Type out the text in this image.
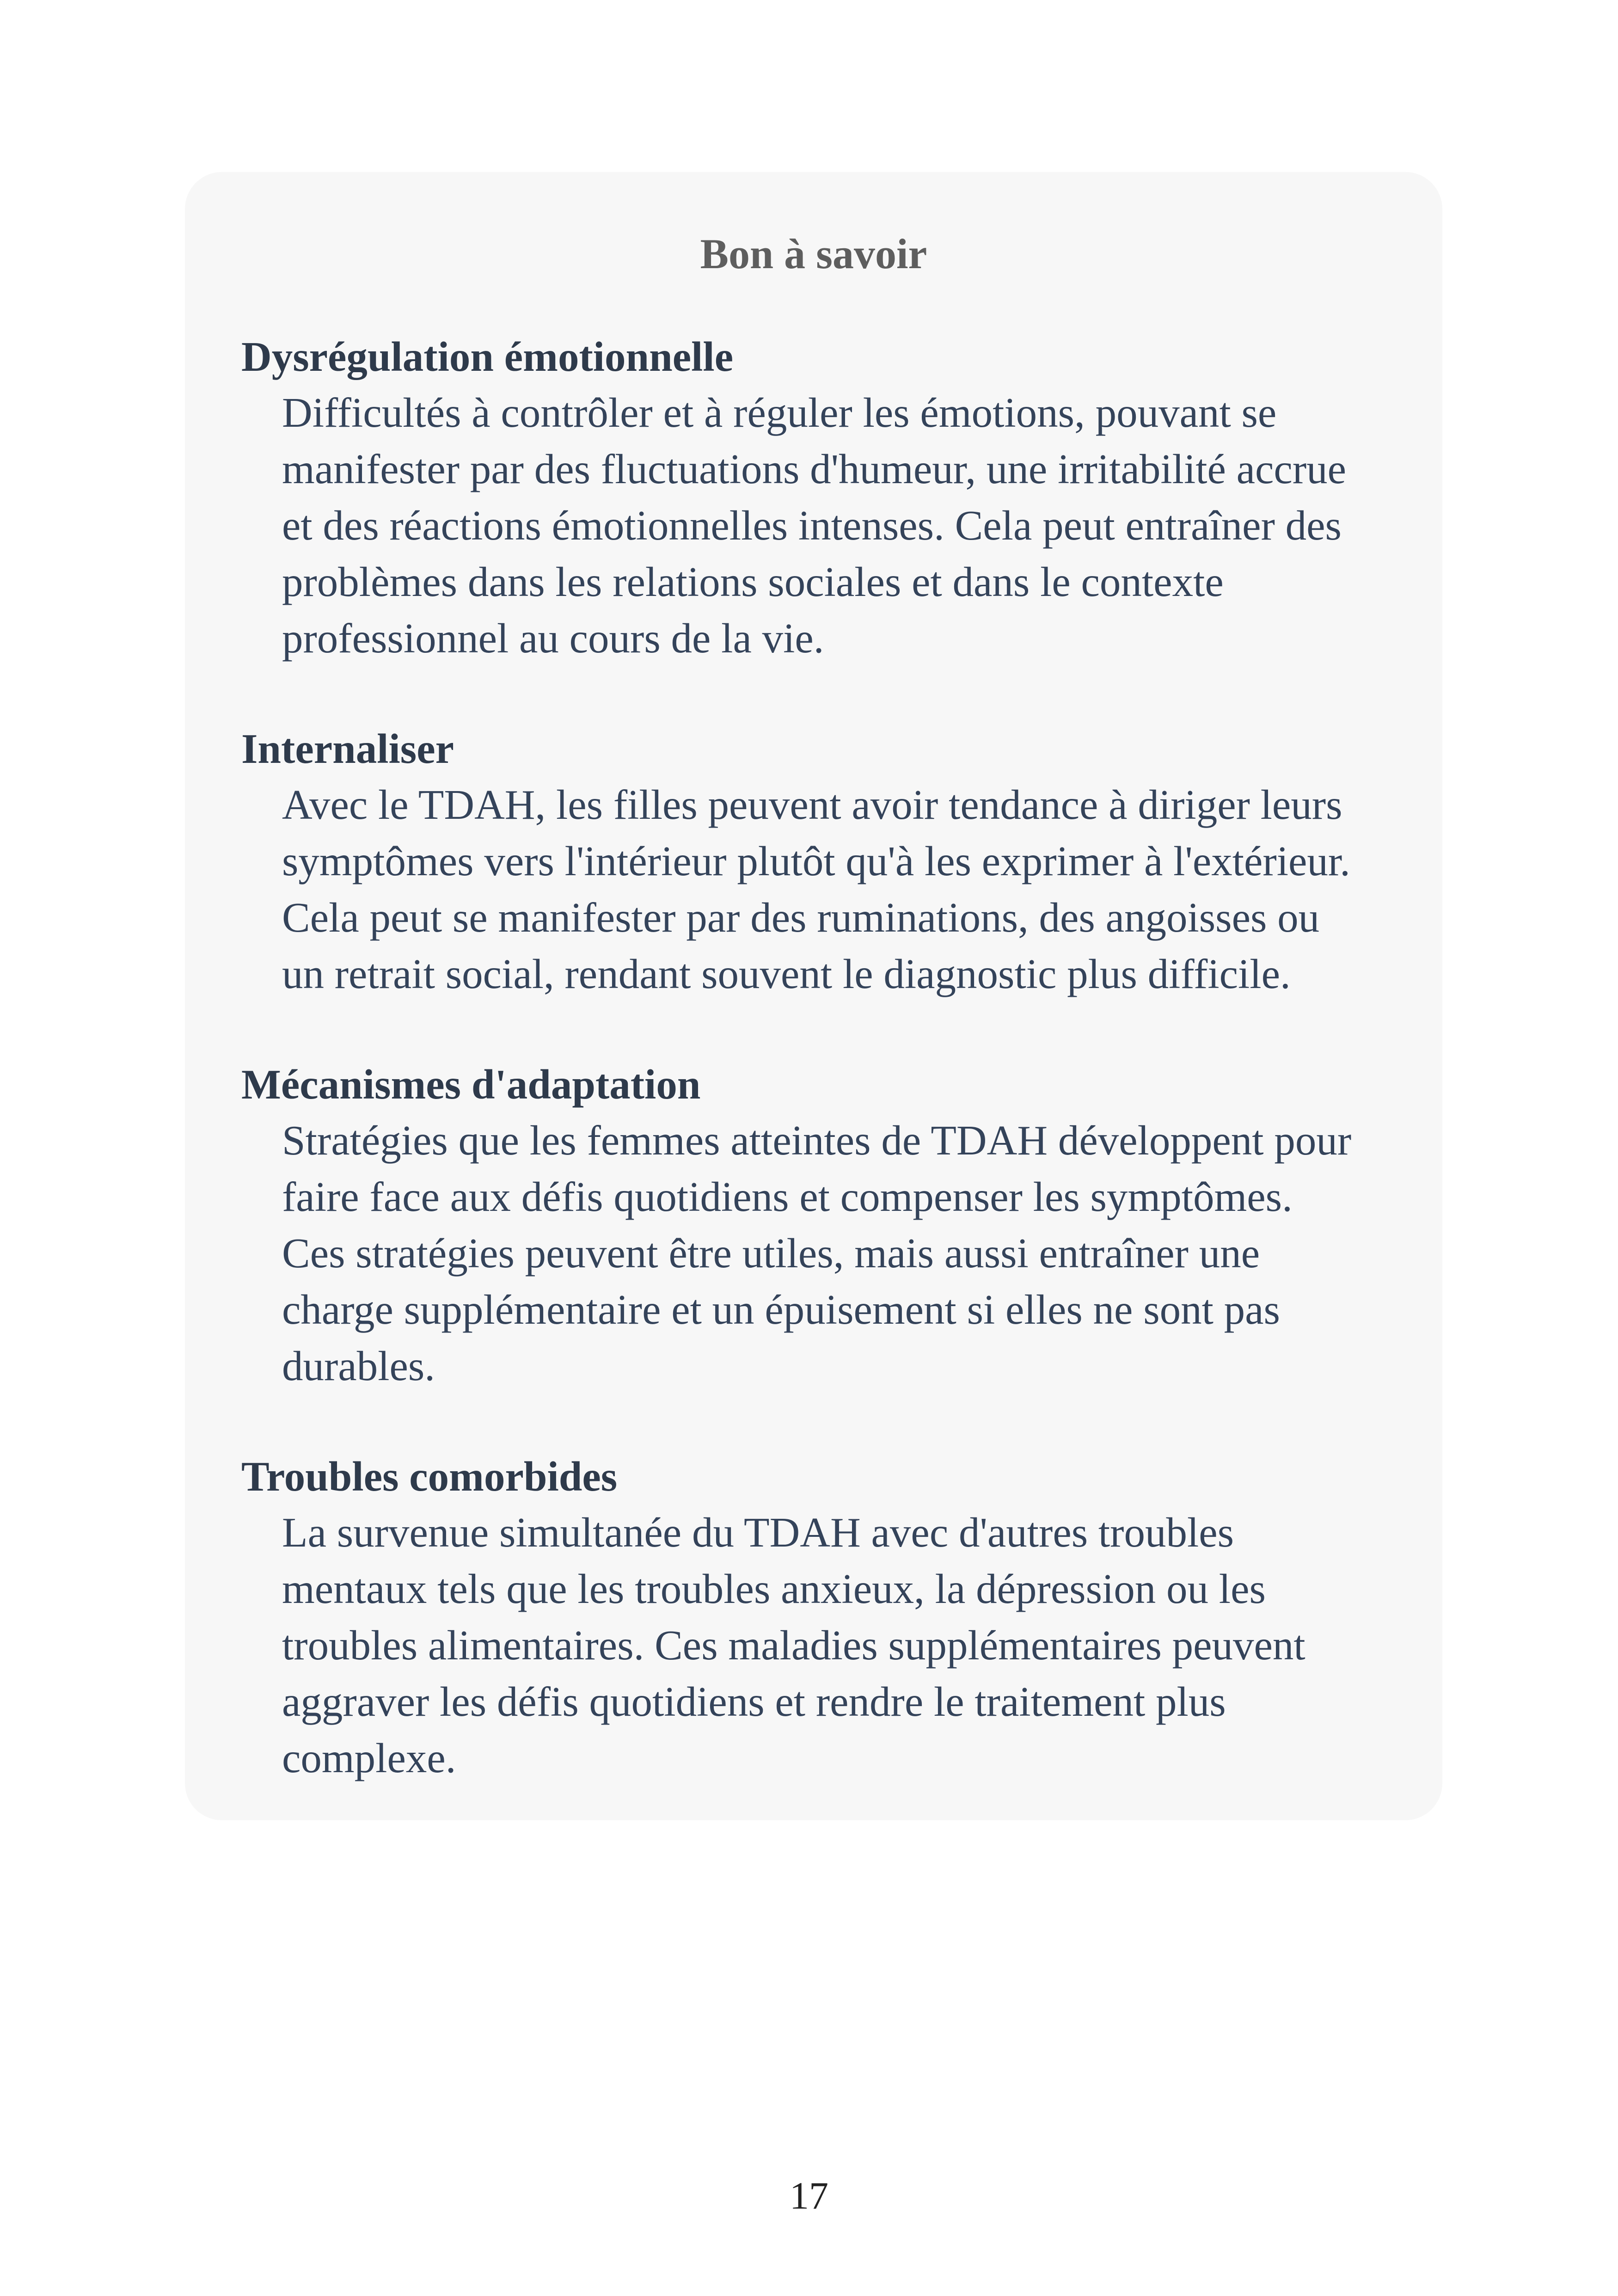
Bon à savoir

Dysrégulation émotionnelle

Difficultés à contrôler et à réguler les émotions, pouvant se
manifester par des fluctuations d'humeur, une irritabilité accrue
et des réactions émotionnelles intenses. Cela peut entraîner des
problèmes dans les relations sociales et dans le contexte
professionnel au cours de la vie.

Internaliser

Avec le TDAH, les filles peuvent avoir tendance à diriger leurs
symptômes vers l'intérieur plutôt qu'à les exprimer à l'extérieur.
Cela peut se manifester par des ruminations, des angoisses ou
un retrait social, rendant souvent le diagnostic plus difficile.

Mécanismes d'adaptation

Stratégies que les femmes atteintes de TDAH développent pour
faire face aux défis quotidiens et compenser les symptômes.
Ces stratégies peuvent être utiles, mais aussi entraîner une
charge supplémentaire et un épuisement si elles ne sont pas
durables.

Troubles comorbides

La survenue simultanée du TDAH avec d'autres troubles
mentaux tels que les troubles anxieux, la dépression ou les
troubles alimentaires. Ces maladies supplémentaires peuvent
aggraver les défis quotidiens et rendre le traitement plus
complexe.

17
